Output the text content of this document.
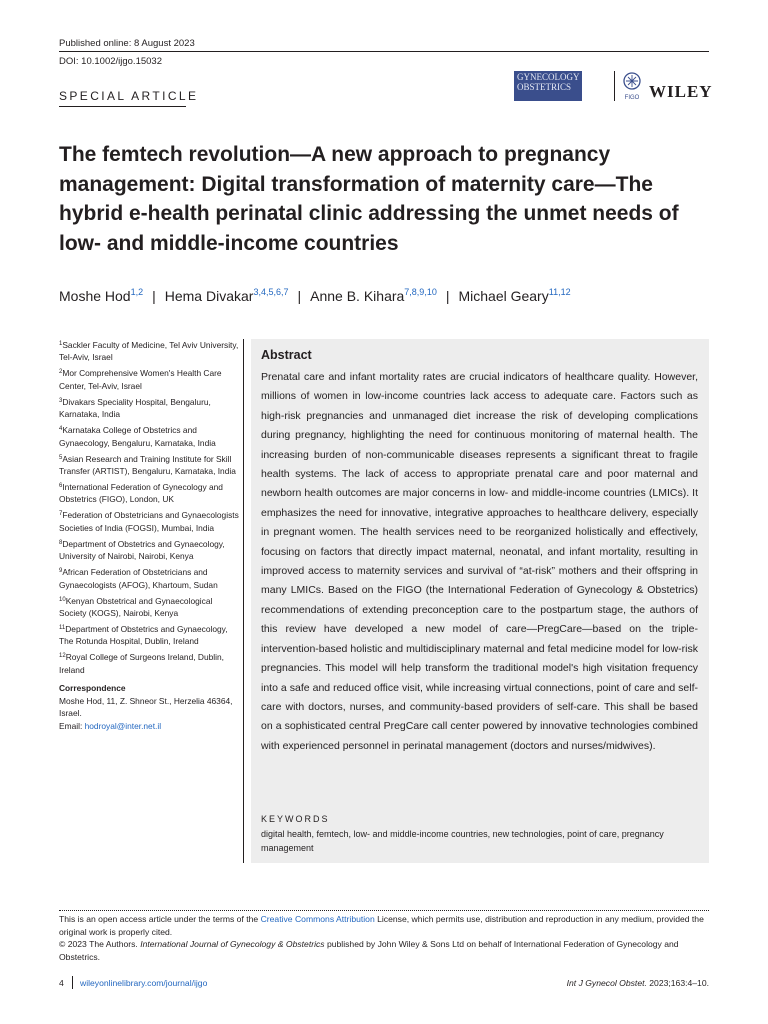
Published online: 8 August 2023
DOI: 10.1002/ijgo.15032
SPECIAL ARTICLE
GYNECOLOGY
OBSTETRICS
FIGO WILEY
The femtech revolution—A new approach to pregnancy management: Digital transformation of maternity care—The hybrid e-health perinatal clinic addressing the unmet needs of low- and middle-income countries
Moshe Hod$^{1,2}$ | Hema Divakar$^{3,4,5,6,7}$ | Anne B. Kihara$^{7,8,9,10}$ | Michael Geary$^{11,12}$
$^1$Sackler Faculty of Medicine, Tel Aviv University, Tel-Aviv, Israel
$^2$Mor Comprehensive Women's Health Care Center, Tel-Aviv, Israel
$^3$Divakars Speciality Hospital, Bengaluru, Karnataka, India
$^4$Karnataka College of Obstetrics and Gynaecology, Bengaluru, Karnataka, India
$^5$Asian Research and Training Institute for Skill Transfer (ARTIST), Bengaluru, Karnataka, India
$^6$International Federation of Gynecology and Obstetrics (FIGO), London, UK
$^7$Federation of Obstetricians and Gynaecologists Societies of India (FOGSI), Mumbai, India
$^8$Department of Obstetrics and Gynaecology, University of Nairobi, Nairobi, Kenya
$^9$African Federation of Obstetricians and Gynaecologists (AFOG), Khartoum, Sudan
$^{10}$Kenyan Obstetrical and Gynaecological Society (KOGS), Nairobi, Kenya
$^{11}$Department of Obstetrics and Gynaecology, The Rotunda Hospital, Dublin, Ireland
$^{12}$Royal College of Surgeons Ireland, Dublin, Ireland
Correspondence
Moshe Hod, 11, Z. Shneor St., Herzelia 46364, Israel.
Email: hodroyal@inter.net.il
Abstract
Prenatal care and infant mortality rates are crucial indicators of healthcare quality. However, millions of women in low-income countries lack access to adequate care. Factors such as high-risk pregnancies and unmanaged diet increase the risk of developing complications during pregnancy, highlighting the need for continuous monitoring of maternal health. The increasing burden of non-communicable diseases represents a significant threat to fragile health systems. The lack of access to appropriate prenatal care and poor maternal and newborn health outcomes are major concerns in low- and middle-income countries (LMICs). It emphasizes the need for innovative, integrative approaches to healthcare delivery, especially in pregnant women. The health services need to be reorganized holistically and effectively, focusing on factors that directly impact maternal, neonatal, and infant mortality, resulting in improved access to maternity services and survival of “at-risk” mothers and their offspring in many LMICs. Based on the FIGO (the International Federation of Gynecology & Obstetrics) recommendations of extending preconception care to the postpartum stage, the authors of this review have developed a new model of care—PregCare—based on the triple-intervention-based holistic and multidisciplinary maternal and fetal medicine model for low-risk pregnancies. This model will help transform the traditional model's high visitation frequency into a safe and reduced office visit, while increasing virtual connections, point of care and self-care with doctors, nurses, and community-based providers of self-care. This shall be based on a sophisticated central PregCare call center powered by innovative technologies combined with experienced personnel in perinatal management (doctors and nurses/midwives).
KEYWORDS
digital health, femtech, low- and middle-income countries, new technologies, point of care, pregnancy management
This is an open access article under the terms of the Creative Commons Attribution License, which permits use, distribution and reproduction in any medium, provided the original work is properly cited.
© 2023 The Authors. International Journal of Gynecology & Obstetrics published by John Wiley & Sons Ltd on behalf of International Federation of Gynecology and Obstetrics.
4 wileyonlinelibrary.com/journal/ijgo	Int J Gynecol Obstet. 2023;163:4–10.
